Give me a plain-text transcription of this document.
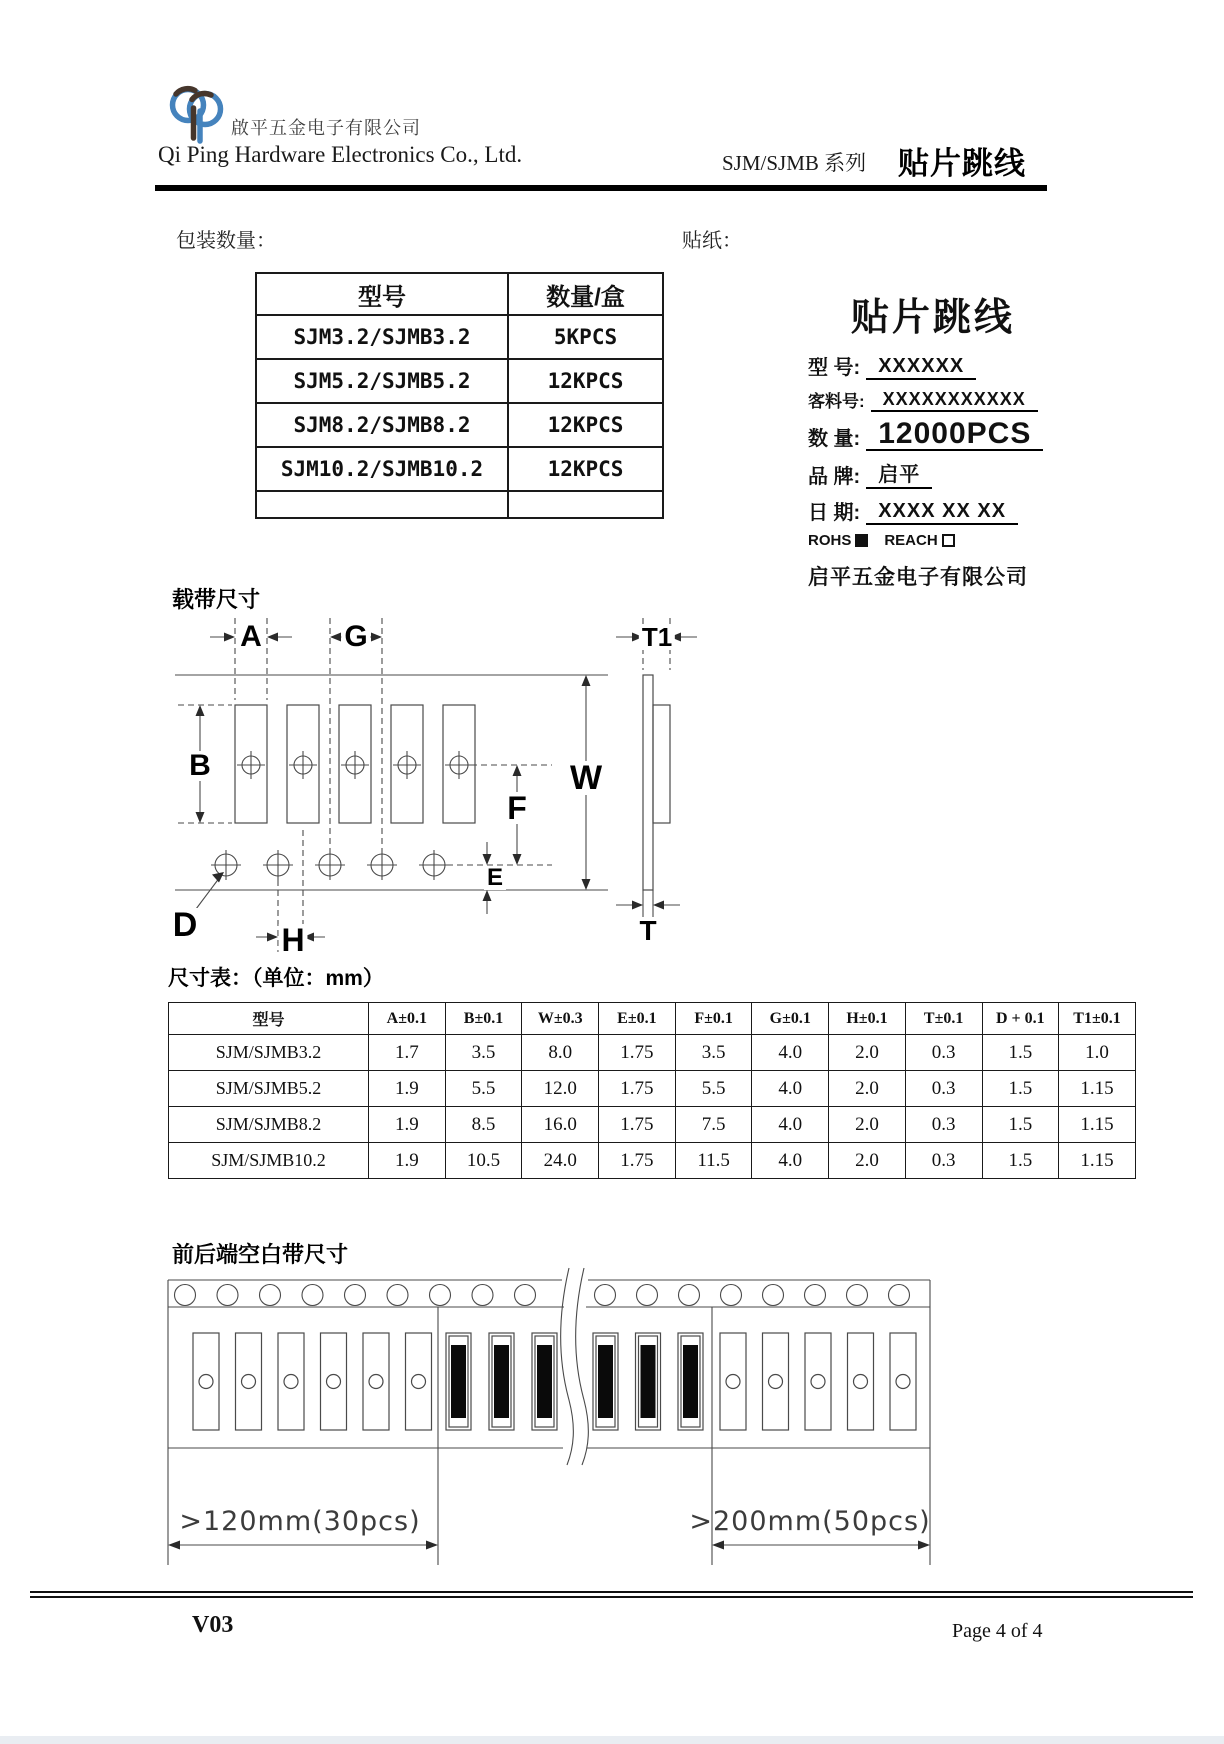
啟平五金电子有限公司
Qi Ping Hardware Electronics Co., Ltd.	SJM/SJMB 系列 贴片跳线
包装数量：
型号	数量/盒
SJM3.2/SJMB3.2	5KPCS
SJM5.2/SJMB5.2	12KPCS
SJM8.2/SJMB8.2	12KPCS
SJM10.2/SJMB10.2	12KPCS

贴纸：
贴片跳线
型 号: XXXXXX
客料号:	XXXXXXXXXXX
数 量: 12000PCS
品 牌: 启平
日 期: XXXX XX XX
ROHS REACH
启平五金电子有限公司
载带尺寸
A	G	T1
B	W
F
E
D	H	T
尺寸表：（单位：mm）
型号	A±0.1	B±0.1	W±0.3	E±0.1	F±0.1	G±0.1	H±0.1	T±0.1	D + 0.1	T1±0.1
SJM/SJMB3.2	1.7	3.5	8.0	1.75	3.5	4.0	2.0	0.3	1.5	1.0
SJM/SJMB5.2	1.9	5.5	12.0	1.75	5.5	4.0	2.0	0.3	1.5	1.15
SJM/SJMB8.2	1.9	8.5	16.0	1.75	7.5	4.0	2.0	0.3	1.5	1.15
SJM/SJMB10.2	1.9	10.5	24.0	1.75	11.5	4.0	2.0	0.3	1.5	1.15
前后端空白带尺寸
>120mm(30pcs)	>200mm(50pcs)
V03	Page 4 of 4
